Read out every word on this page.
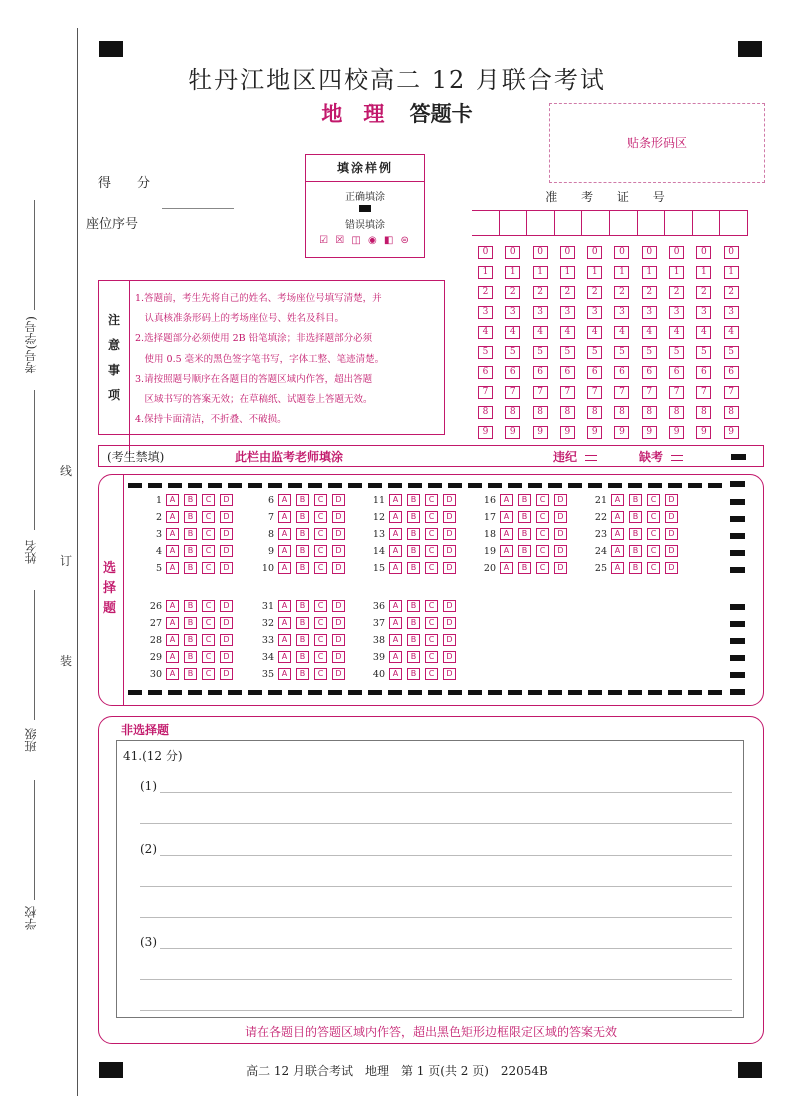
考号(学号)
姓名
班级
学校
线
订
装
牡丹江地区四校高二 12 月联合考试
地　理 答题卡
贴条形码区
得　　分
座位序号
填涂样例
正确填涂
错误填涂
☑ ☒ ◫ ◉ ◧ ⊜
准 考 证 号
0	0	0	0	0	0	0	0	0	0
1	1	1	1	1	1	1	1	1	1
2	2	2	2	2	2	2	2	2	2
3	3	3	3	3	3	3	3	3	3
4	4	4	4	4	4	4	4	4	4
5	5	5	5	5	5	5	5	5	5
6	6	6	6	6	6	6	6	6	6
7	7	7	7	7	7	7	7	7	7
8	8	8	8	8	8	8	8	8	8
9	9	9	9	9	9	9	9	9	9
注
意
事
项
1.答题前，考生先将自己的姓名、考场座位号填写清楚，并
　认真核准条形码上的考场座位号、姓名及科目。
2.选择题部分必须使用 2B 铅笔填涂；非选择题部分必须
　使用 0.5 毫米的黑色签字笔书写，字体工整、笔迹清楚。
3.请按照题号顺序在各题目的答题区域内作答，超出答题
　区域书写的答案无效；在草稿纸、试题卷上答题无效。
4.保持卡面清洁，不折叠、不破损。
(考生禁填)	此栏由监考老师填涂	违纪	缺考
选
择
题
1 A	B	C	D
2 A	B	C	D
3 A	B	C	D
4 A	B	C	D
5 A	B	C	D
6 A	B	C	D
7 A	B	C	D
8 A	B	C	D
9 A	B	C	D
10 A	B	C	D
11 A	B	C	D
12 A	B	C	D
13 A	B	C	D
14 A	B	C	D
15 A	B	C	D
16 A	B	C	D
17 A	B	C	D
18 A	B	C	D
19 A	B	C	D
20 A	B	C	D
21 A	B	C	D
22 A	B	C	D
23 A	B	C	D
24 A	B	C	D
25 A	B	C	D
26 A	B	C	D
27 A	B	C	D
28 A	B	C	D
29 A	B	C	D
30 A	B	C	D
31 A	B	C	D
32 A	B	C	D
33 A	B	C	D
34 A	B	C	D
35 A	B	C	D
36 A	B	C	D
37 A	B	C	D
38 A	B	C	D
39 A	B	C	D
40 A	B	C	D
非选择题
请在各题目的答题区域内作答，超出黑色矩形边框限定区域的答案无效
41.(12 分)
(1)
(2)
(3)
高二 12 月联合考试　地理　第 1 页(共 2 页)　22054B
